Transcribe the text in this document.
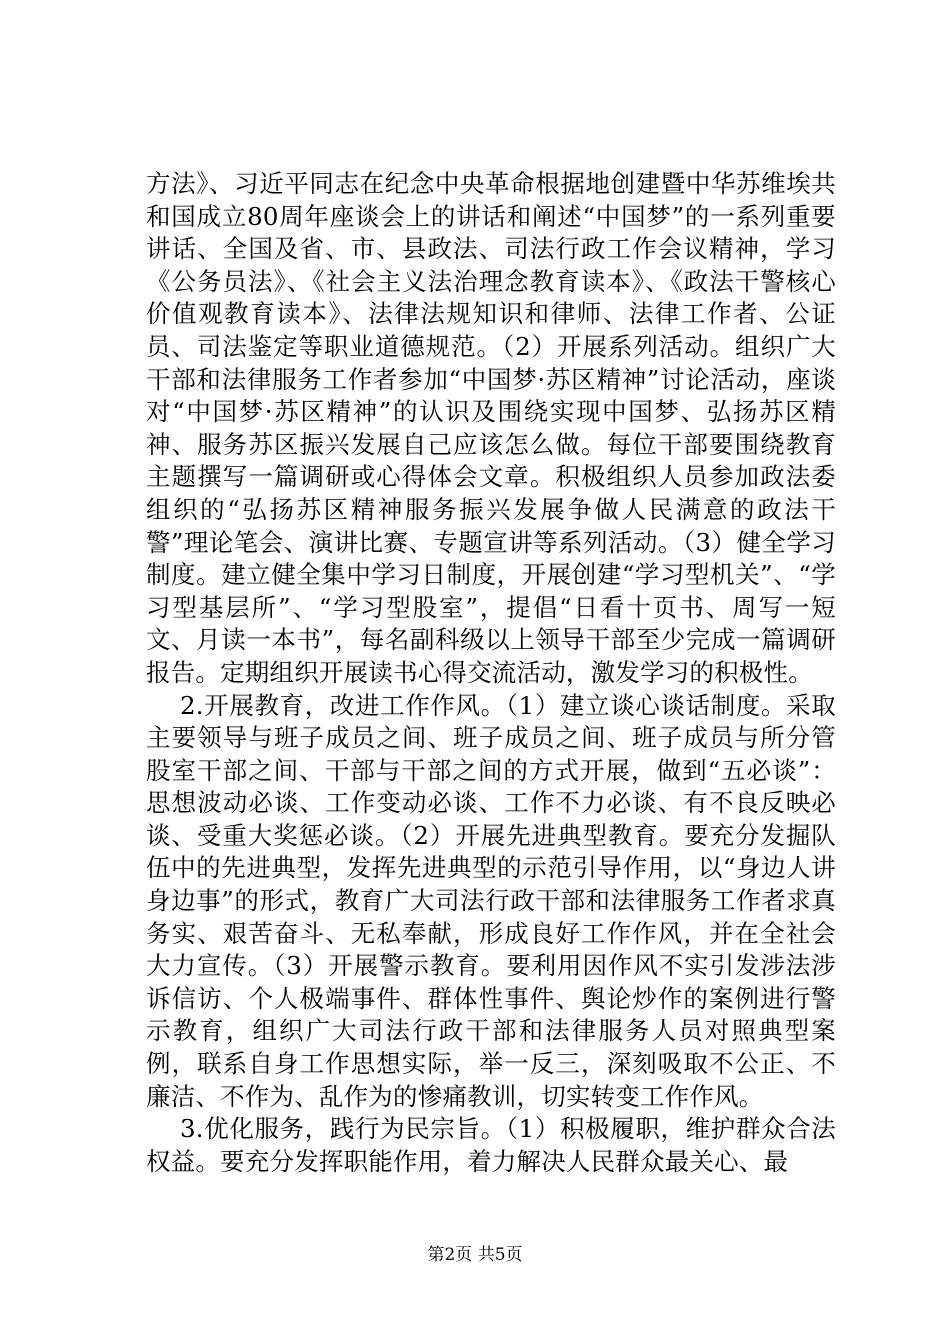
方法》、习近平同志在纪念中央革命根据地创建暨中华苏维埃共和国成立80周年座谈会上的讲话和阐述“中国梦”的一系列重要讲话、全国及省、市、县政法、司法行政工作会议精神，学习《公务员法》、《社会主义法治理念教育读本》、《政法干警核心价值观教育读本》、法律法规知识和律师、法律工作者、公证员、司法鉴定等职业道德规范。（2）开展系列活动。组织广大干部和法律服务工作者参加“中国梦·苏区精神”讨论活动，座谈对“中国梦·苏区精神”的认识及围绕实现中国梦、弘扬苏区精神、服务苏区振兴发展自己应该怎么做。每位干部要围绕教育主题撰写一篇调研或心得体会文章。积极组织人员参加政法委组织的“弘扬苏区精神服务振兴发展争做人民满意的政法干警”理论笔会、演讲比赛、专题宣讲等系列活动。（3）健全学习制度。建立健全集中学习日制度，开展创建“学习型机关”、“学习型基层所”、“学习型股室”，提倡“日看十页书、周写一短文、月读一本书”，每名副科级以上领导干部至少完成一篇调研报告。定期组织开展读书心得交流活动，激发学习的积极性。

2.开展教育，改进工作作风。（1）建立谈心谈话制度。采取主要领导与班子成员之间、班子成员之间、班子成员与所分管股室干部之间、干部与干部之间的方式开展，做到“五必谈”：思想波动必谈、工作变动必谈、工作不力必谈、有不良反映必谈、受重大奖惩必谈。（2）开展先进典型教育。要充分发掘队伍中的先进典型，发挥先进典型的示范引导作用，以“身边人讲身边事”的形式，教育广大司法行政干部和法律服务工作者求真务实、艰苦奋斗、无私奉献，形成良好工作作风，并在全社会大力宣传。（3）开展警示教育。要利用因作风不实引发涉法涉诉信访、个人极端事件、群体性事件、舆论炒作的案例进行警示教育，组织广大司法行政干部和法律服务人员对照典型案例，联系自身工作思想实际，举一反三，深刻吸取不公正、不廉洁、不作为、乱作为的惨痛教训，切实转变工作作风。

3.优化服务，践行为民宗旨。（1）积极履职，维护群众合法权益。要充分发挥职能作用，着力解决人民群众最关心、最

第2页 共5页
